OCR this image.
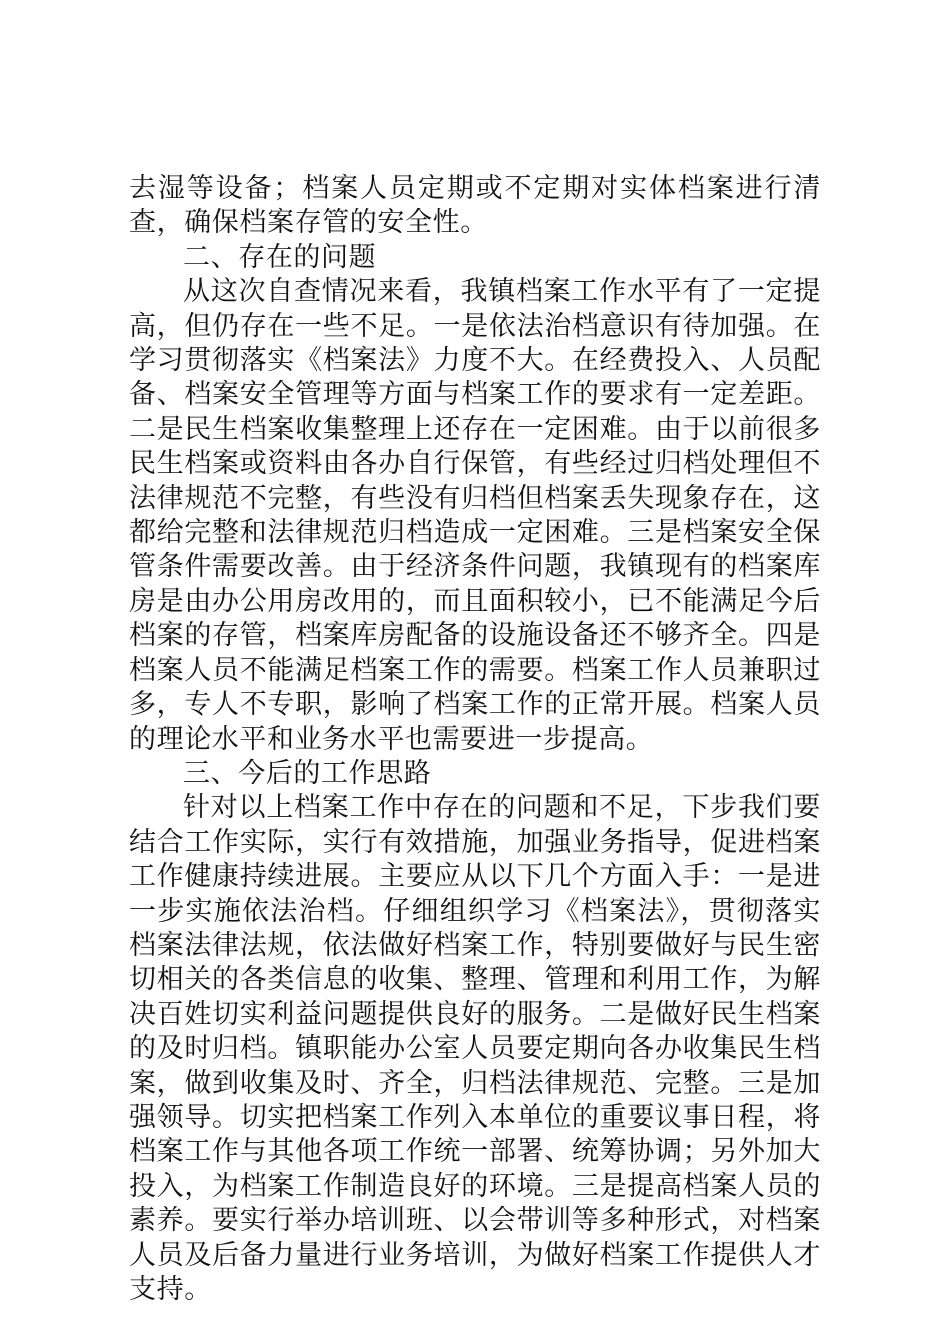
去湿等设备；档案人员定期或不定期对实体档案进行清查，确保档案存管的安全性。

二、存在的问题

从这次自查情况来看，我镇档案工作水平有了一定提高，但仍存在一些不足。一是依法治档意识有待加强。在学习贯彻落实《档案法》力度不大。在经费投入、人员配备、档案安全管理等方面与档案工作的要求有一定差距。二是民生档案收集整理上还存在一定困难。由于以前很多民生档案或资料由各办自行保管，有些经过归档处理但不法律规范不完整，有些没有归档但档案丢失现象存在，这都给完整和法律规范归档造成一定困难。三是档案安全保管条件需要改善。由于经济条件问题，我镇现有的档案库房是由办公用房改用的，而且面积较小，已不能满足今后档案的存管，档案库房配备的设施设备还不够齐全。四是档案人员不能满足档案工作的需要。档案工作人员兼职过多，专人不专职，影响了档案工作的正常开展。档案人员的理论水平和业务水平也需要进一步提高。

三、今后的工作思路

针对以上档案工作中存在的问题和不足，下步我们要结合工作实际，实行有效措施，加强业务指导，促进档案工作健康持续进展。主要应从以下几个方面入手：一是进一步实施依法治档。仔细组织学习《档案法》，贯彻落实档案法律法规，依法做好档案工作，特别要做好与民生密切相关的各类信息的收集、整理、管理和利用工作，为解决百姓切实利益问题提供良好的服务。二是做好民生档案的及时归档。镇职能办公室人员要定期向各办收集民生档案，做到收集及时、齐全，归档法律规范、完整。三是加强领导。切实把档案工作列入本单位的重要议事日程，将档案工作与其他各项工作统一部署、统筹协调；另外加大投入，为档案工作制造良好的环境。三是提高档案人员的素养。要实行举办培训班、以会带训等多种形式，对档案人员及后备力量进行业务培训，为做好档案工作提供人才支持。
